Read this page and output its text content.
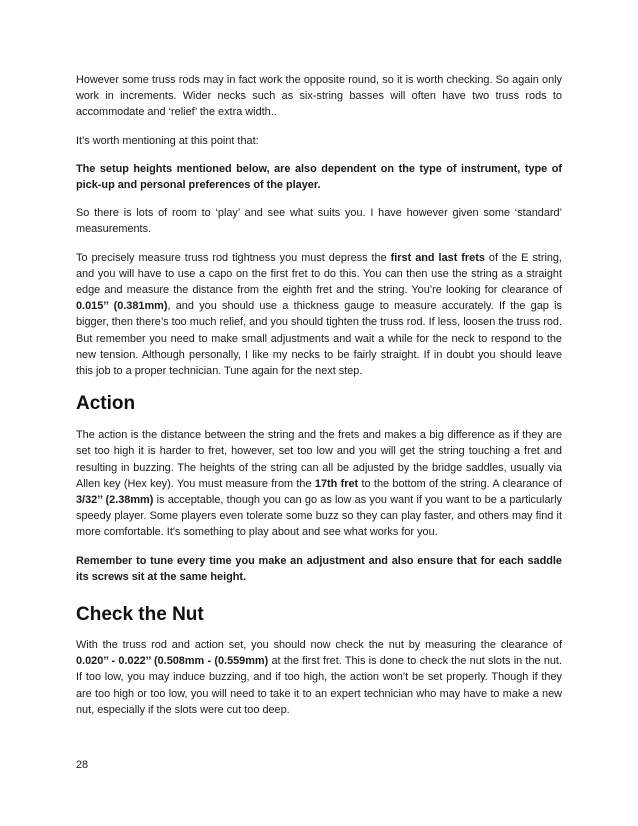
However some truss rods may in fact work the opposite round, so it is worth checking. So again only work in increments. Wider necks such as six-string basses will often have two truss rods to accommodate and ‘relief’ the extra width..

It’s worth mentioning at this point that:

The setup heights mentioned below, are also dependent on the type of instrument, type of pick-up and personal preferences of the player.

So there is lots of room to ‘play’ and see what suits you. I have however given some ‘standard’ measurements.

To precisely measure truss rod tightness you must depress the first and last frets of the E string, and you will have to use a capo on the first fret to do this. You can then use the string as a straight edge and measure the distance from the eighth fret and the string. You’re looking for clearance of 0.015’’ (0.381mm), and you should use a thickness gauge to measure accurately. If the gap is bigger, then there’s too much relief, and you should tighten the truss rod. If less, loosen the truss rod. But remember you need to make small adjustments and wait a while for the neck to respond to the new tension. Although personally, I like my necks to be fairly straight. If in doubt you should leave this job to a proper technician. Tune again for the next step.

Action

The action is the distance between the string and the frets and makes a big difference as if they are set too high it is harder to fret, however, set too low and you will get the string touching a fret and resulting in buzzing. The heights of the string can all be adjusted by the bridge saddles, usually via Allen key (Hex key). You must measure from the 17th fret to the bottom of the string. A clearance of 3/32’’ (2.38mm) is acceptable, though you can go as low as you want if you want to be a particularly speedy player. Some players even tolerate some buzz so they can play faster, and others may find it more comfortable. It's something to play about and see what works for you.

Remember to tune every time you make an adjustment and also ensure that for each saddle its screws sit at the same height.

Check the Nut

With the truss rod and action set, you should now check the nut by measuring the clearance of 0.020’’ - 0.022’’ (0.508mm - (0.559mm) at the first fret. This is done to check the nut slots in the nut. If too low, you may induce buzzing, and if too high, the action won’t be set properly. Though if they are too high or too low, you will need to take it to an expert technician who may have to make a new nut, especially if the slots were cut too deep.

28
